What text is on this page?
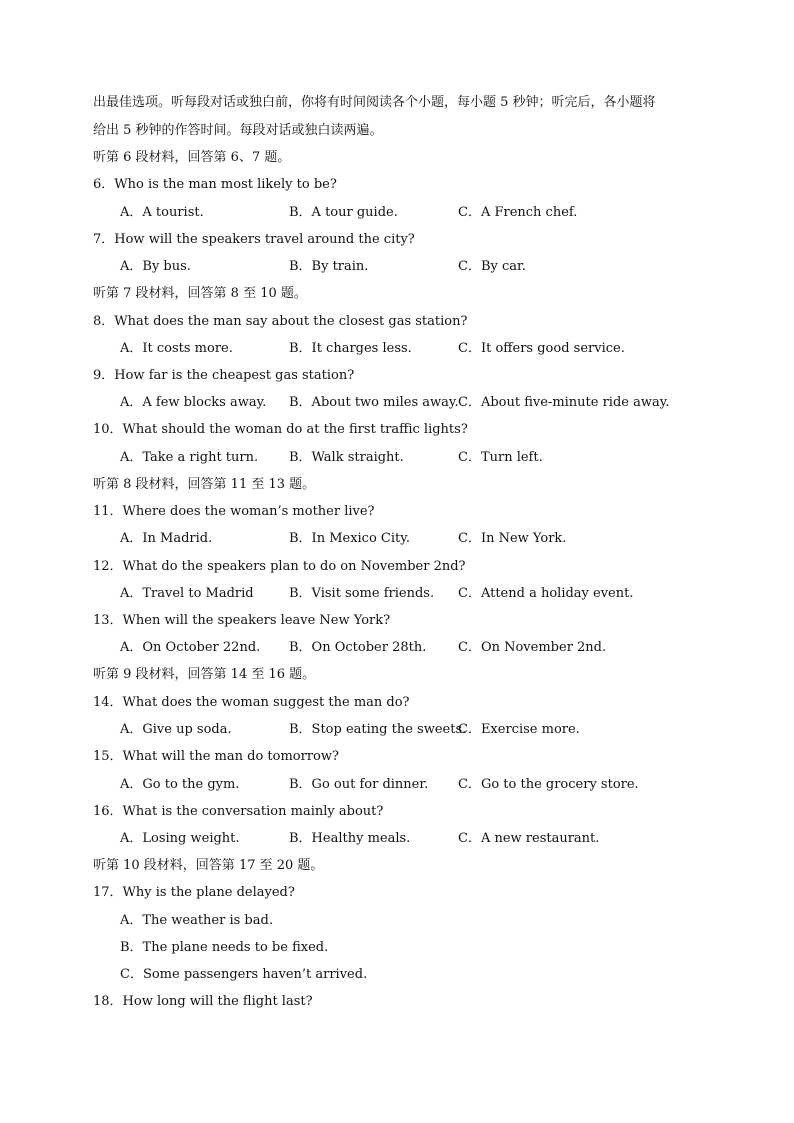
出最佳选项。听每段对话或独白前，你将有时间阅读各个小题，每小题 5 秒钟；听完后，各小题将
给出 5 秒钟的作答时间。每段对话或独白读两遍。
听第 6 段材料，回答第 6、7 题。
6．Who is the man most likely to be?
A．A tourist.	B．A tour guide.	C．A French chef.
7．How will the speakers travel around the city?
A．By bus.	B．By train.	C．By car.
听第 7 段材料，回答第 8 至 10 题。
8．What does the man say about the closest gas station?
A．It costs more.	B．It charges less.	C．It offers good service.
9．How far is the cheapest gas station?
A．A few blocks away. B．About two miles away. C．About five-minute ride away.
10．What should the woman do at the first traffic lights?
A．Take a right turn. B．Walk straight.	C．Turn left.
听第 8 段材料，回答第 11 至 13 题。
11．Where does the woman’s mother live?
A．In Madrid.	B．In Mexico City.	C．In New York.
12．What do the speakers plan to do on November 2nd?
A．Travel to Madrid	B．Visit some friends. C．Attend a holiday event.
13．When will the speakers leave New York?
A．On October 22nd. B．On October 28th. C．On November 2nd.
听第 9 段材料，回答第 14 至 16 题。
14．What does the woman suggest the man do?
A．Give up soda.	B．Stop eating the sweets.
C．Exercise more.
15．What will the man do tomorrow?
A．Go to the gym.	B．Go out for dinner. C．Go to the grocery store.
16．What is the conversation mainly about?
A．Losing weight.	B．Healthy meals.	C．A new restaurant.
听第 10 段材料，回答第 17 至 20 题。
17．Why is the plane delayed?
A．The weather is bad.
B．The plane needs to be fixed.
C．Some passengers haven’t arrived.
18．How long will the flight last?
